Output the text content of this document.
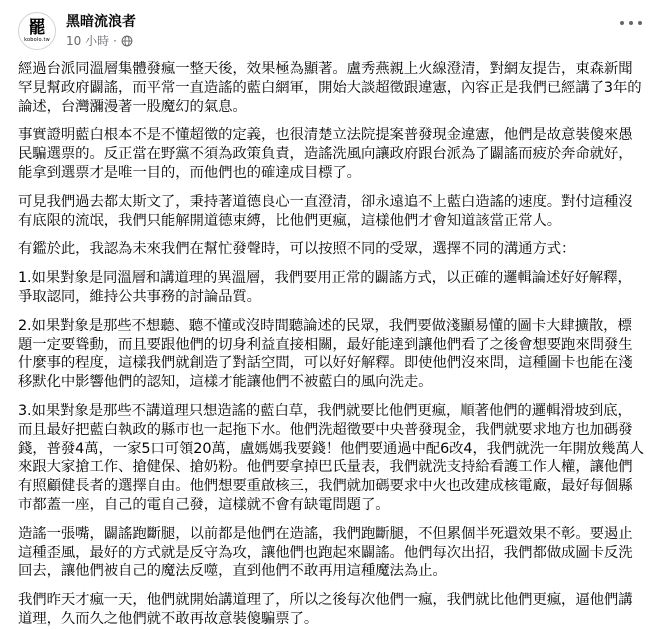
罷
kobolo.tw
黑暗流浪者
10 小時 ·

經過台派同溫層集體發瘋一整天後，效果極為顯著。盧秀燕親上火線澄清，對網友提告，東森新聞罕見幫政府闢謠，而平常一直造謠的藍白網軍，開始大談超徵跟違憲，內容正是我們已經講了3年的論述，台灣瀰漫著一股魔幻的氣息。

事實證明藍白根本不是不懂超徵的定義，也很清楚立法院提案普發現金違憲，他們是故意裝傻來愚民騙選票的。反正當在野黨不須為政策負責，造謠洗風向讓政府跟台派為了闢謠而疲於奔命就好，能拿到選票才是唯一目的，而他們也的確達成目標了。

可見我們過去都太斯文了，秉持著道德良心一直澄清，卻永遠追不上藍白造謠的速度。對付這種沒有底限的流氓，我們只能解開道德束縛，比他們更瘋，這樣他們才會知道該當正常人。

有鑑於此，我認為未來我們在幫忙發聲時，可以按照不同的受眾，選擇不同的溝通方式：

1.如果對象是同溫層和講道理的異溫層，我們要用正常的闢謠方式，以正確的邏輯論述好好解釋，爭取認同，維持公共事務的討論品質。

2.如果對象是那些不想聽、聽不懂或沒時間聽論述的民眾，我們要做淺顯易懂的圖卡大肆擴散，標題一定要聳動，而且要跟他們的切身利益直接相關，最好能達到讓他們看了之後會想要跑來問發生什麼事的程度，這樣我們就創造了對話空間，可以好好解釋。即使他們沒來問，這種圖卡也能在淺移默化中影響他們的認知，這樣才能讓他們不被藍白的風向洗走。

3.如果對象是那些不講道理只想造謠的藍白草，我們就要比他們更瘋，順著他們的邏輯滑坡到底，而且最好把藍白執政的縣市也一起拖下水。他們洗超徵要中央普發現金，我們就要求地方也加碼發錢，普發4萬，一家5口可領20萬，盧媽媽我要錢！他們要通過中配6改4，我們就洗一年開放幾萬人來跟大家搶工作、搶健保、搶奶粉。他們要拿掉巴氏量表，我們就洗支持給看護工作人權，讓他們有照顧健長者的選擇自由。他們想要重啟核三，我們就加碼要求中火也改建成核電廠，最好每個縣市都蓋一座，自己的電自己發，這樣就不會有缺電問題了。

造謠一張嘴，闢謠跑斷腿，以前都是他們在造謠，我們跑斷腿，不但累個半死還效果不彰。要遏止這種歪風，最好的方式就是反守為攻，讓他們也跑起來闢謠。他們每次出招，我們都做成圖卡反洗回去，讓他們被自己的魔法反噬，直到他們不敢再用這種魔法為止。

我們昨天才瘋一天，他們就開始講道理了，所以之後每次他們一瘋，我們就比他們更瘋，逼他們講道理，久而久之他們就不敢再故意裝傻騙票了。
